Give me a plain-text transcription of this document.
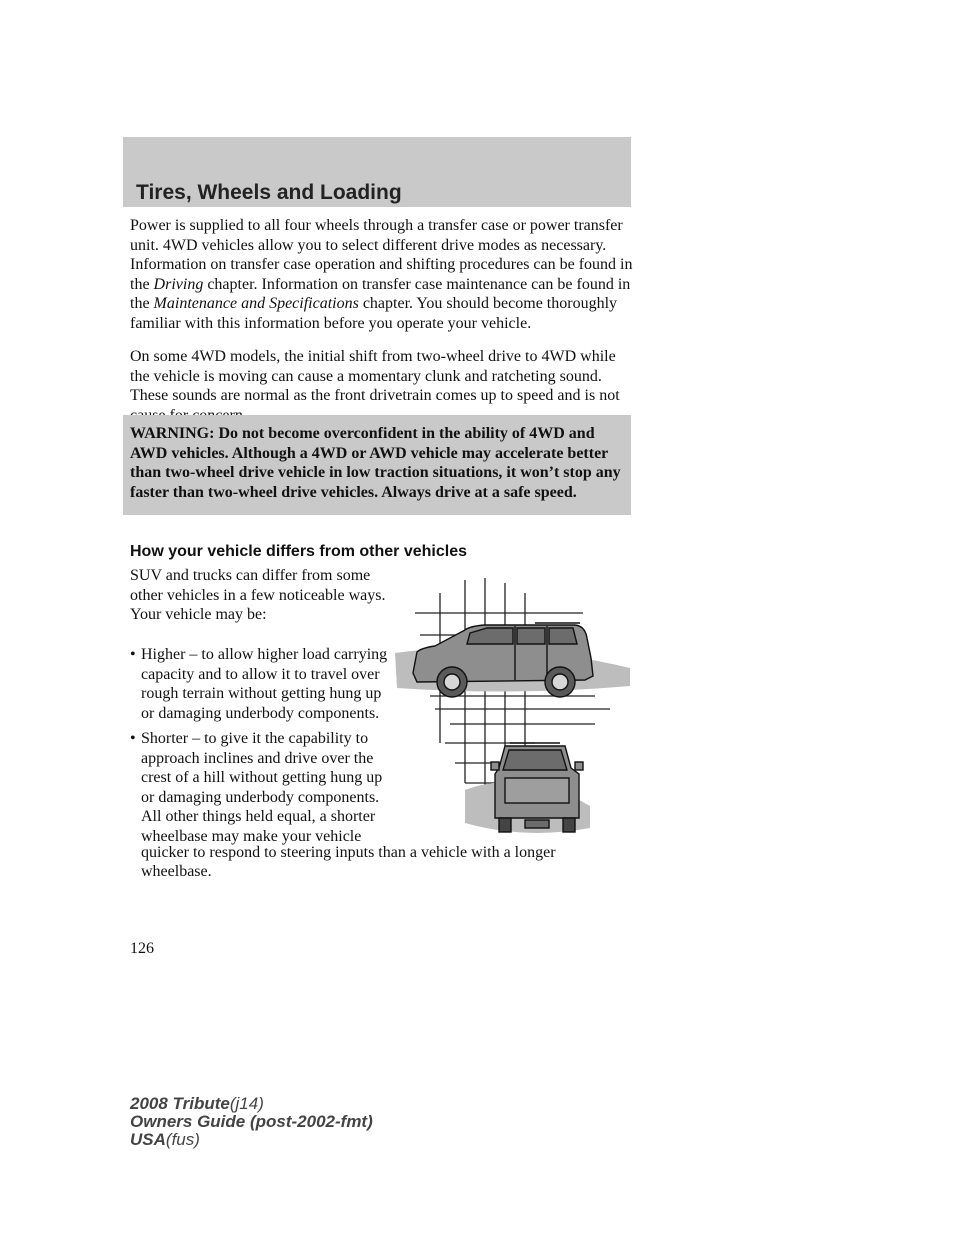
Tires, Wheels and Loading

Power is supplied to all four wheels through a transfer case or power transfer unit. 4WD vehicles allow you to select different drive modes as necessary. Information on transfer case operation and shifting procedures can be found in the Driving chapter. Information on transfer case maintenance can be found in the Maintenance and Specifications chapter. You should become thoroughly familiar with this information before you operate your vehicle.

On some 4WD models, the initial shift from two-wheel drive to 4WD while the vehicle is moving can cause a momentary clunk and ratcheting sound. These sounds are normal as the front drivetrain comes up to speed and is not

WARNING: Do not become overconfident in the ability of 4WD and AWD vehicles. Although a 4WD or AWD vehicle may accelerate better than two-wheel drive vehicle in low traction situations, it won’t stop any faster than two-wheel drive vehicles. Always drive at a safe speed.

How your vehicle differs from other vehicles

SUV and trucks can differ from some other vehicles in a few noticeable ways. Your vehicle may be:

• Higher – to allow higher load carrying capacity and to allow it to travel over rough terrain without getting hung up or damaging underbody components.

• Shorter – to give it the capability to approach inclines and drive over the crest of a hill without getting hung up or damaging underbody components. All other things held equal, a shorter wheelbase may make your vehicle

quicker to respond to steering inputs than a vehicle with a longer

wheelbase.

126
2008 Tribute(j14)
Owners Guide (post-2002-fmt)
USA(fus)
